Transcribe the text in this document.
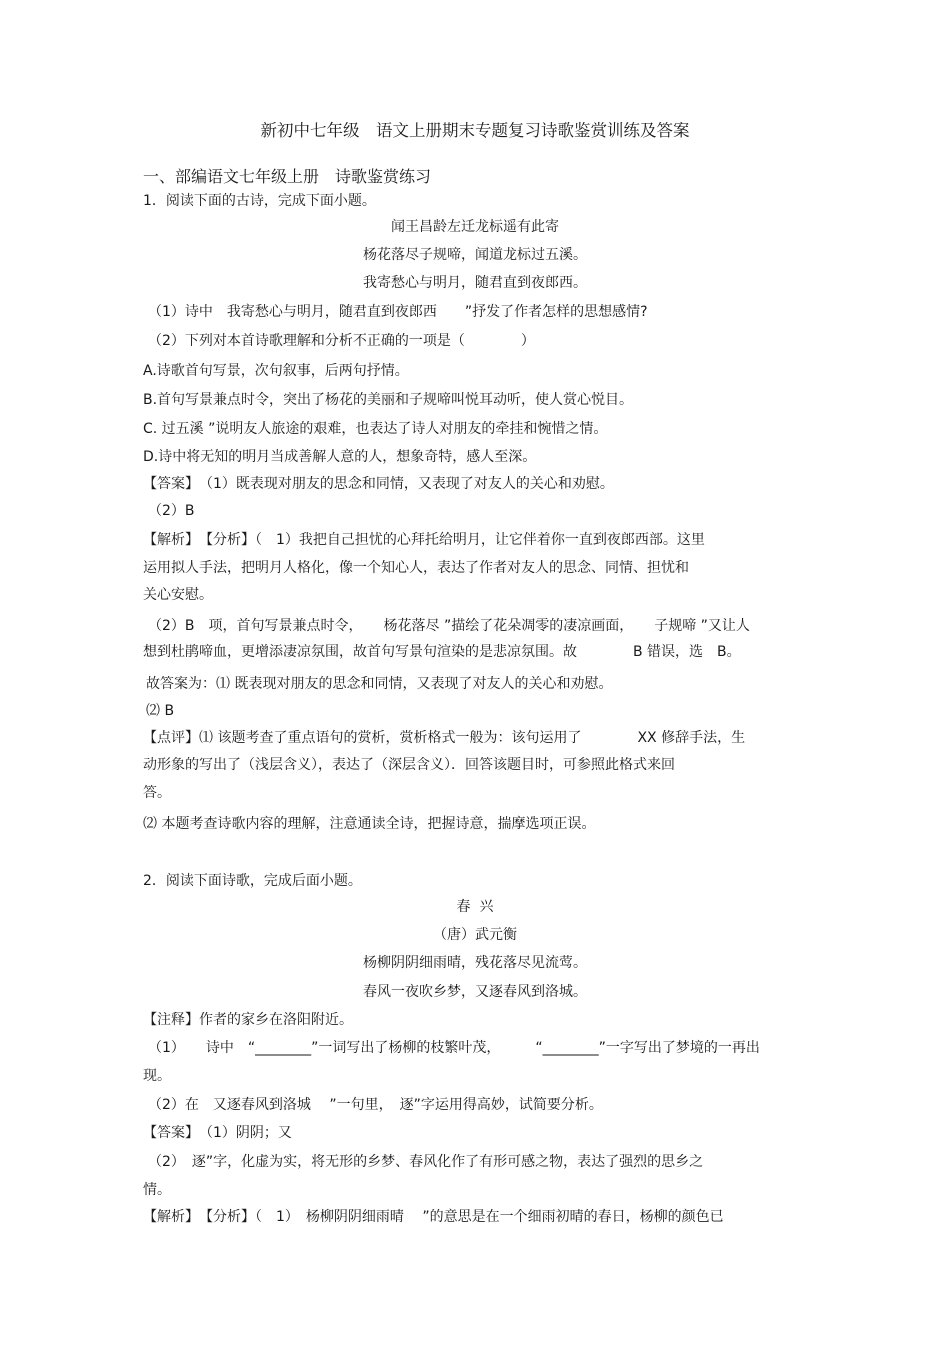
新初中七年级　语文上册期末专题复习诗歌鉴赏训练及答案
一、部编语文七年级上册　诗歌鉴赏练习
1．阅读下面的古诗，完成下面小题。
闻王昌龄左迁龙标遥有此寄
杨花落尽子规啼，闻道龙标过五溪。
我寄愁心与明月，随君直到夜郎西。
（1）诗中　我寄愁心与明月，随君直到夜郎西　　”抒发了作者怎样的思想感情?
（2）下列对本首诗歌理解和分析不正确的一项是（　　　　）
A.诗歌首句写景，次句叙事，后两句抒情。
B.首句写景兼点时令，突出了杨花的美丽和子规啼叫悦耳动听，使人赏心悦目。
C. 过五溪 ”说明友人旅途的艰难，也表达了诗人对朋友的牵挂和惋惜之情。
D.诗中将无知的明月当成善解人意的人，想象奇特，感人至深。
【答案】　（1）既表现对朋友的思念和同情，又表现了对友人的关心和劝慰。
（2）B
【解析】　【分析】（　1）我把自己担忧的心拜托给明月，让它伴着你一直到夜郎西部。这里
运用拟人手法，把明月人格化，像一个知心人，表达了作者对友人的思念、同情、担忧和
关心安慰。
（2）B　项，首句写景兼点时令，　　杨花落尽 ”描绘了花朵凋零的凄凉画面，　　子规啼 ”又让人
想到杜鹃啼血，更增添凄凉氛围，故首句写景句渲染的是悲凉氛围。故　　　　B 错误，选　B。
故答案为：⑴ 既表现对朋友的思念和同情，又表现了对友人的关心和劝慰。
⑵ B
【点评】⑴ 该题考查了重点语句的赏析，赏析格式一般为：该句运用了　　　　XX 修辞手法，生
动形象的写出了（浅层含义），表达了（深层含义）．回答该题目时，可参照此格式来回
答。
⑵ 本题考查诗歌内容的理解，注意通读全诗，把握诗意，揣摩选项正误。
2．阅读下面诗歌，完成后面小题。
春  兴
（唐）武元衡
杨柳阴阴细雨晴，残花落尽见流莺。
春风一夜吹乡梦，又逐春风到洛城。
【注释】作者的家乡在洛阳附近。
（1）　　诗中　“________”一词写出了杨柳的枝繁叶茂，　　　“________”一字写出了梦境的一再出
现。
（2）在　又逐春风到洛城　 ”一句里，　逐”字运用得高妙，试简要分析。
【答案】　（1）阴阴；又
（2）　逐”字，化虚为实，将无形的乡梦、春风化作了有形可感之物，表达了强烈的思乡之
情。
【解析】　【分析】（　1）　杨柳阴阴细雨晴　 ”的意思是在一个细雨初晴的春日，杨柳的颜色已
